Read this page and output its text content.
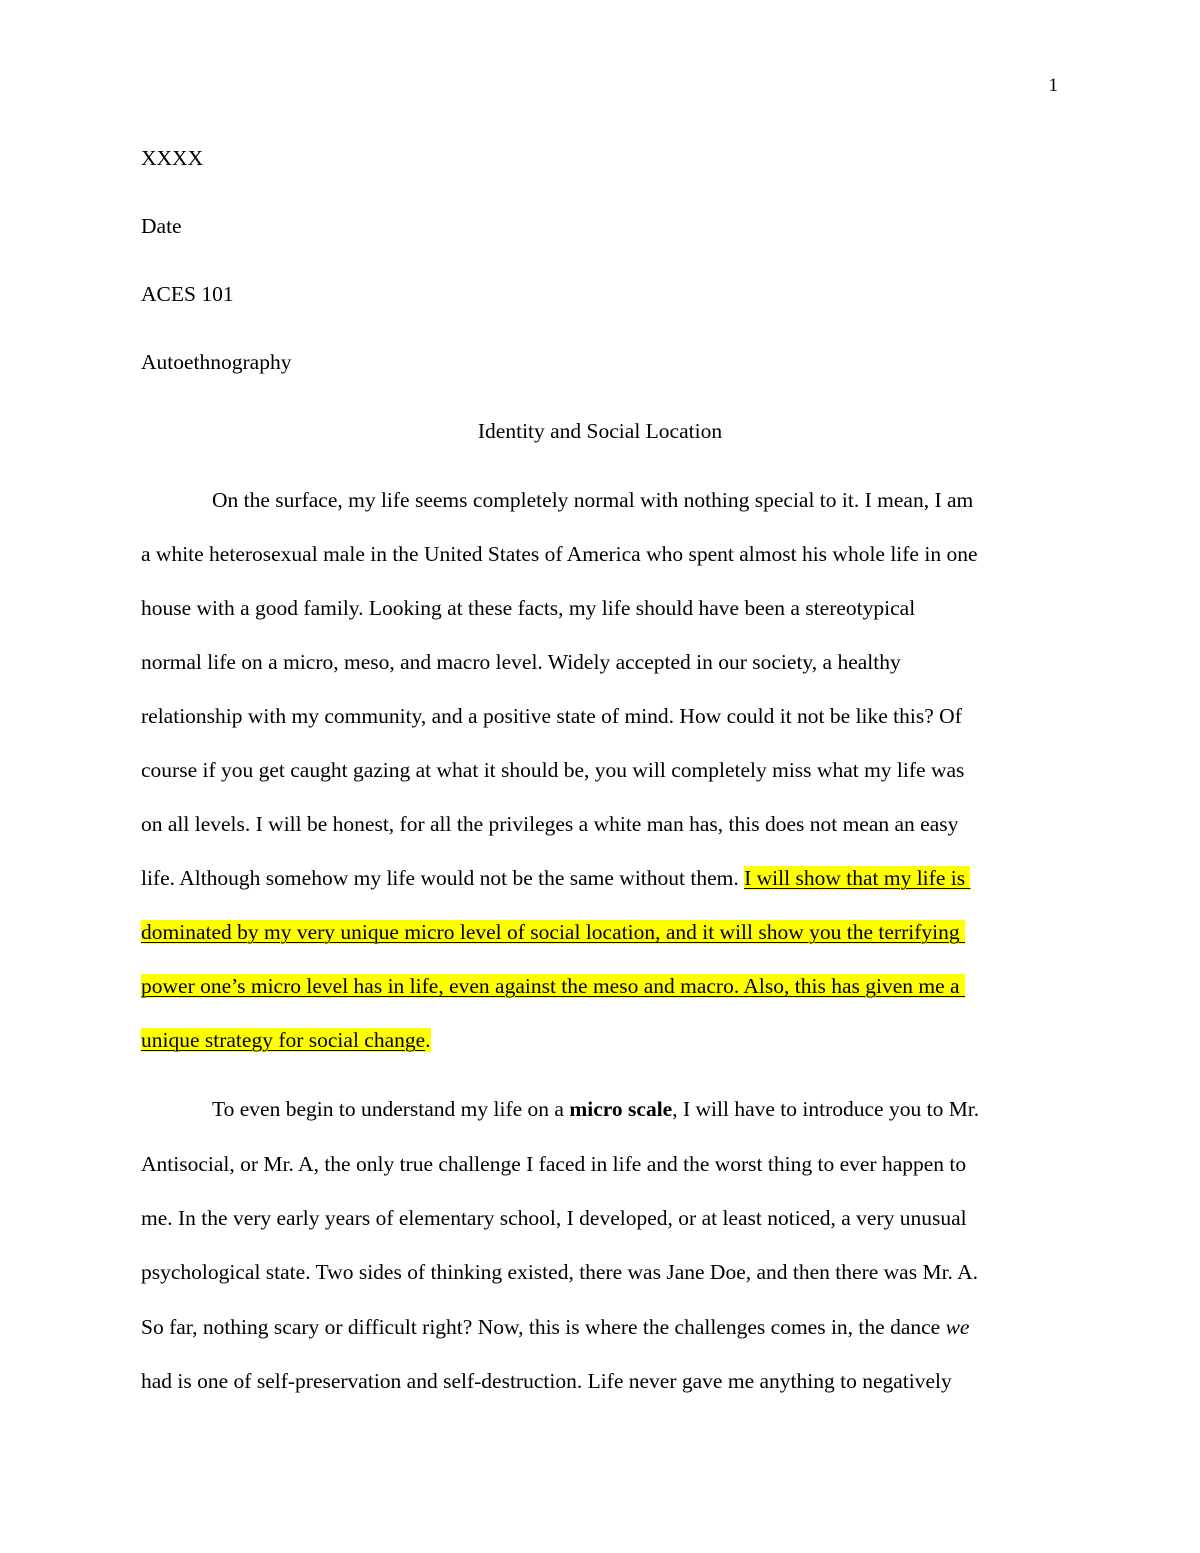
1
XXXX
Date
ACES 101
Autoethnography
Identity and Social Location
On the surface, my life seems completely normal with nothing special to it. I mean, I am
a white heterosexual male in the United States of America who spent almost his whole life in one
house with a good family. Looking at these facts, my life should have been a stereotypical
normal life on a micro, meso, and macro level. Widely accepted in our society, a healthy
relationship with my community, and a positive state of mind. How could it not be like this? Of
course if you get caught gazing at what it should be, you will completely miss what my life was
on all levels. I will be honest, for all the privileges a white man has, this does not mean an easy
life. Although somehow my life would not be the same without them. I will show that my life is
dominated by my very unique micro level of social location, and it will show you the terrifying
power one’s micro level has in life, even against the meso and macro. Also, this has given me a
unique strategy for social change.
To even begin to understand my life on a micro scale, I will have to introduce you to Mr.
Antisocial, or Mr. A, the only true challenge I faced in life and the worst thing to ever happen to
me. In the very early years of elementary school, I developed, or at least noticed, a very unusual
psychological state. Two sides of thinking existed, there was Jane Doe, and then there was Mr. A.
So far, nothing scary or difficult right? Now, this is where the challenges comes in, the dance we
had is one of self-preservation and self-destruction. Life never gave me anything to negatively
